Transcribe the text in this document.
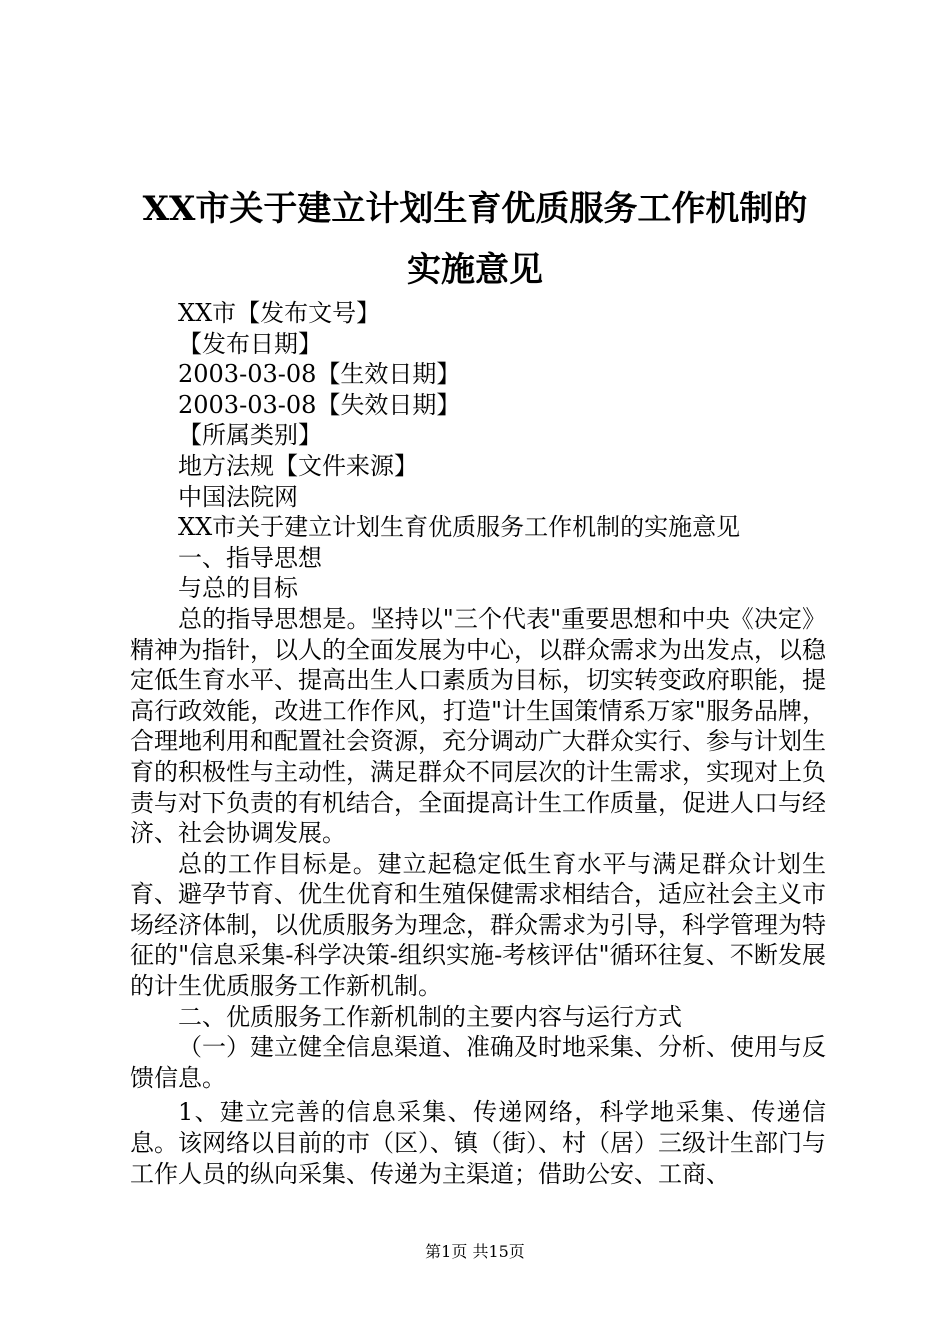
XX市关于建立计划生育优质服务工作机制的
实施意见
XX市【发布文号】
【发布日期】
2003-03-08【生效日期】
2003-03-08【失效日期】
【所属类别】
地方法规【文件来源】
中国法院网
XX市关于建立计划生育优质服务工作机制的实施意见
一、指导思想
与总的目标

总的指导思想是。坚持以"三个代表"重要思想和中央《决定》精神为指针，以人的全面发展为中心，以群众需求为出发点，以稳定低生育水平、提高出生人口素质为目标，切实转变政府职能，提高行政效能，改进工作作风，打造"计生国策情系万家"服务品牌，合理地利用和配置社会资源，充分调动广大群众实行、参与计划生育的积极性与主动性，满足群众不同层次的计生需求，实现对上负责与对下负责的有机结合，全面提高计生工作质量，促进人口与经济、社会协调发展。

总的工作目标是。建立起稳定低生育水平与满足群众计划生育、避孕节育、优生优育和生殖保健需求相结合，适应社会主义市场经济体制，以优质服务为理念，群众需求为引导，科学管理为特征的"信息采集-科学决策-组织实施-考核评估"循环往复、不断发展的计生优质服务工作新机制。

二、优质服务工作新机制的主要内容与运行方式

（一）建立健全信息渠道、准确及时地采集、分析、使用与反馈信息。

1、建立完善的信息采集、传递网络，科学地采集、传递信息。该网络以目前的市（区）、镇（街）、村（居）三级计生部门与工作人员的纵向采集、传递为主渠道；借助公安、工商、

第1页 共15页
